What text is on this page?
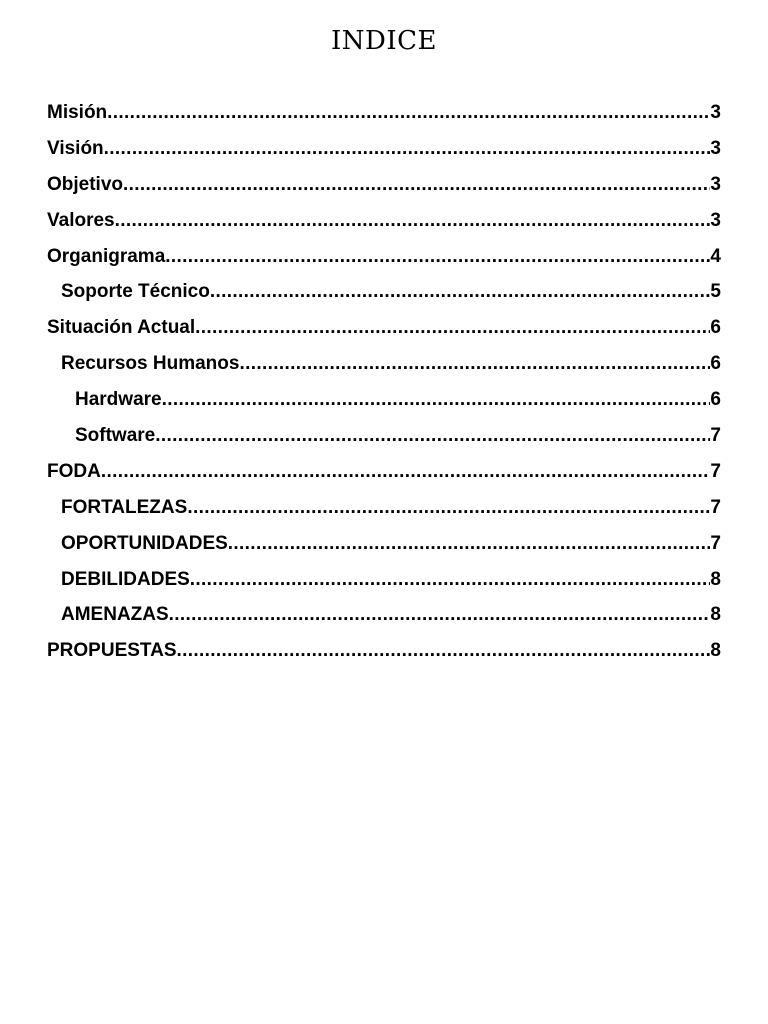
INDICE
Misión .....	3
Visión .....	3
Objetivo .....	3
Valores .....	3
Organigrama .....	4
Soporte Técnico .....	5
Situación Actual .....	6
Recursos Humanos .....	6
Hardware .....	6
Software .....	7
FODA .....	7
FORTALEZAS .....	7
OPORTUNIDADES .....	7
DEBILIDADES .....	8
AMENAZAS .....	8
PROPUESTAS .....	8
